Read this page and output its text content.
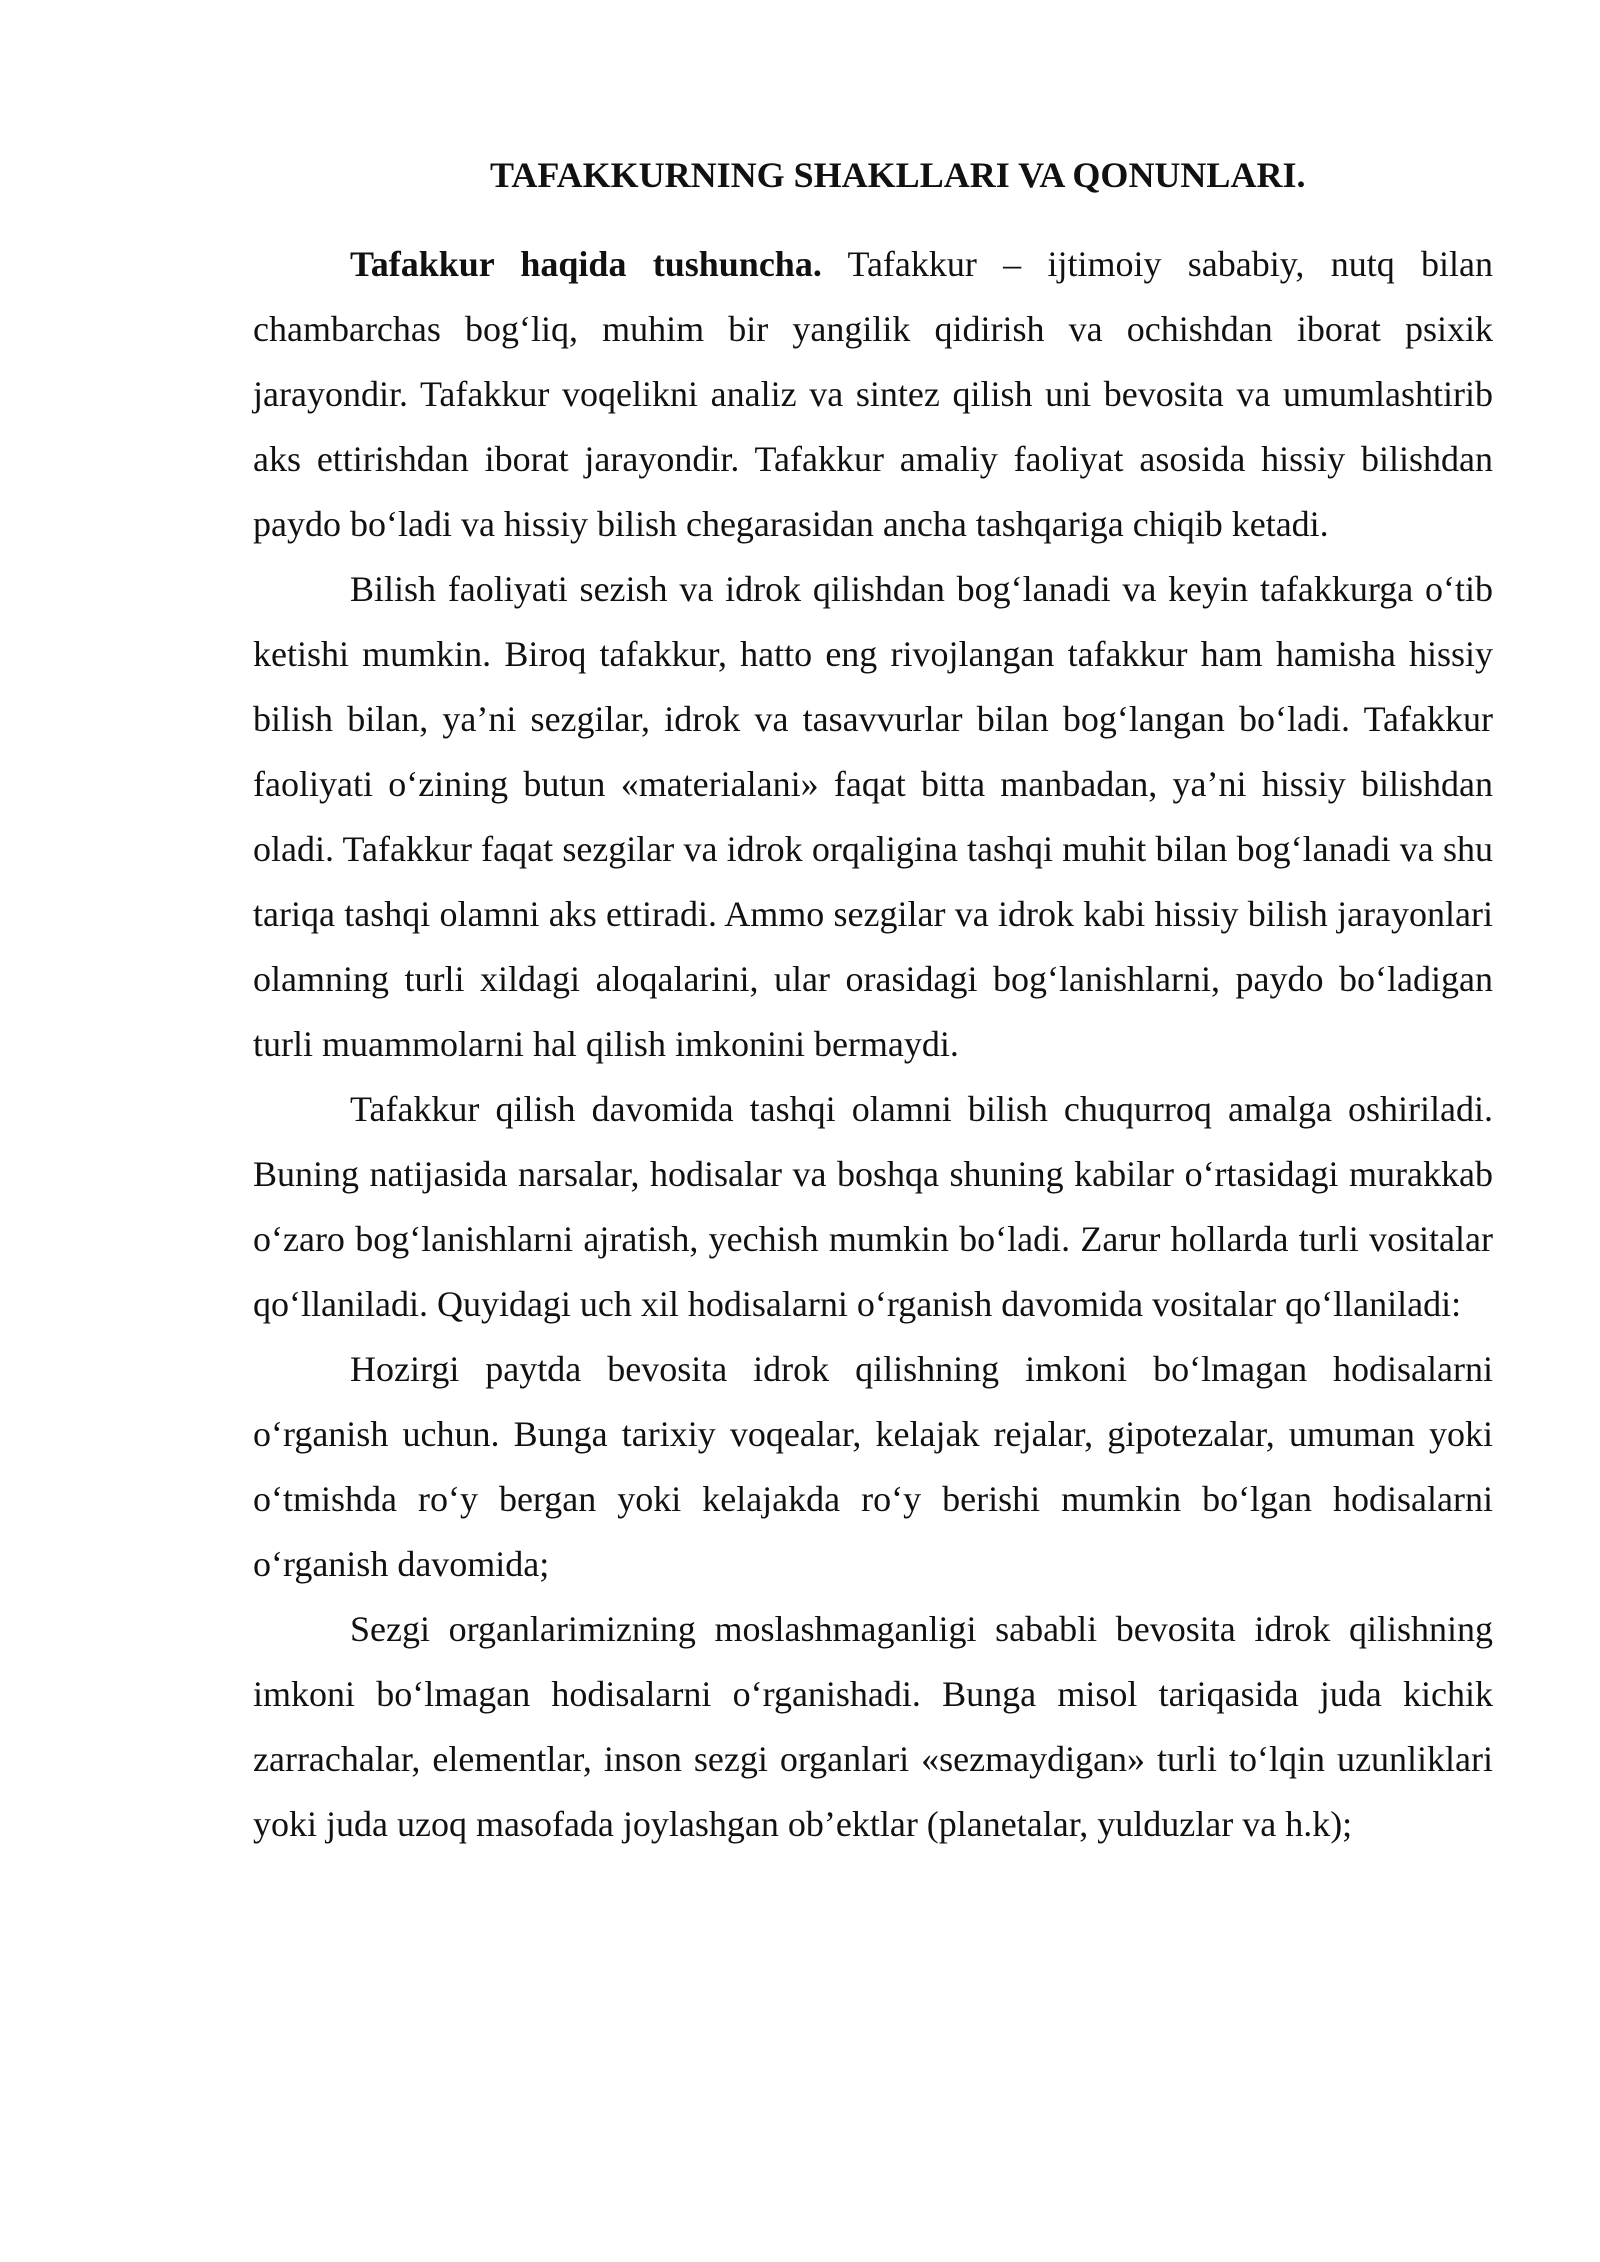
TAFAKKURNING SHAKLLARI VA QONUNLARI.

Tafakkur haqida tushuncha. Tafakkur – ijtimoiy sababiy, nutq bilan chambarchas bog‘liq, muhim bir yangilik qidirish va ochishdan iborat psixik jarayondir. Tafakkur voqelikni analiz va sintez qilish uni bevosita va umumlashtirib aks ettirishdan iborat jarayondir. Tafakkur amaliy faoliyat asosida hissiy bilishdan paydo bo‘ladi va hissiy bilish chegarasidan ancha tashqariga chiqib ketadi.

Bilish faoliyati sezish va idrok qilishdan bog‘lanadi va keyin tafakkurga o‘tib ketishi mumkin. Biroq tafakkur, hatto eng rivojlangan tafakkur ham hamisha hissiy bilish bilan, ya’ni sezgilar, idrok va tasavvurlar bilan bog‘langan bo‘ladi. Tafakkur faoliyati o‘zining butun «materialani» faqat bitta manbadan, ya’ni hissiy bilishdan oladi. Tafakkur faqat sezgilar va idrok orqaligina tashqi muhit bilan bog‘lanadi va shu tariqa tashqi olamni aks ettiradi. Ammo sezgilar va idrok kabi hissiy bilish jarayonlari olamning turli xildagi aloqalarini, ular orasidagi bog‘lanishlarni, paydo bo‘ladigan turli muammolarni hal qilish imkonini bermaydi.

Tafakkur qilish davomida tashqi olamni bilish chuqurroq amalga oshiriladi. Buning natijasida narsalar, hodisalar va boshqa shuning kabilar o‘rtasidagi murakkab o‘zaro bog‘lanishlarni ajratish, yechish mumkin bo‘ladi. Zarur hollarda turli vositalar qo‘llaniladi. Quyidagi uch xil hodisalarni o‘rganish davomida vositalar qo‘llaniladi:

Hozirgi paytda bevosita idrok qilishning imkoni bo‘lmagan hodisalarni o‘rganish uchun. Bunga tarixiy voqealar, kelajak rejalar, gipotezalar, umuman yoki o‘tmishda ro‘y bergan yoki kelajakda ro‘y berishi mumkin bo‘lgan hodisalarni o‘rganish davomida;

Sezgi organlarimizning moslashmaganligi sababli bevosita idrok qilishning imkoni bo‘lmagan hodisalarni o‘rganishadi. Bunga misol tariqasida juda kichik zarrachalar, elementlar, inson sezgi organlari «sezmaydigan» turli to‘lqin uzunliklari yoki juda uzoq masofada joylashgan ob’ektlar (planetalar, yulduzlar va h.k);
